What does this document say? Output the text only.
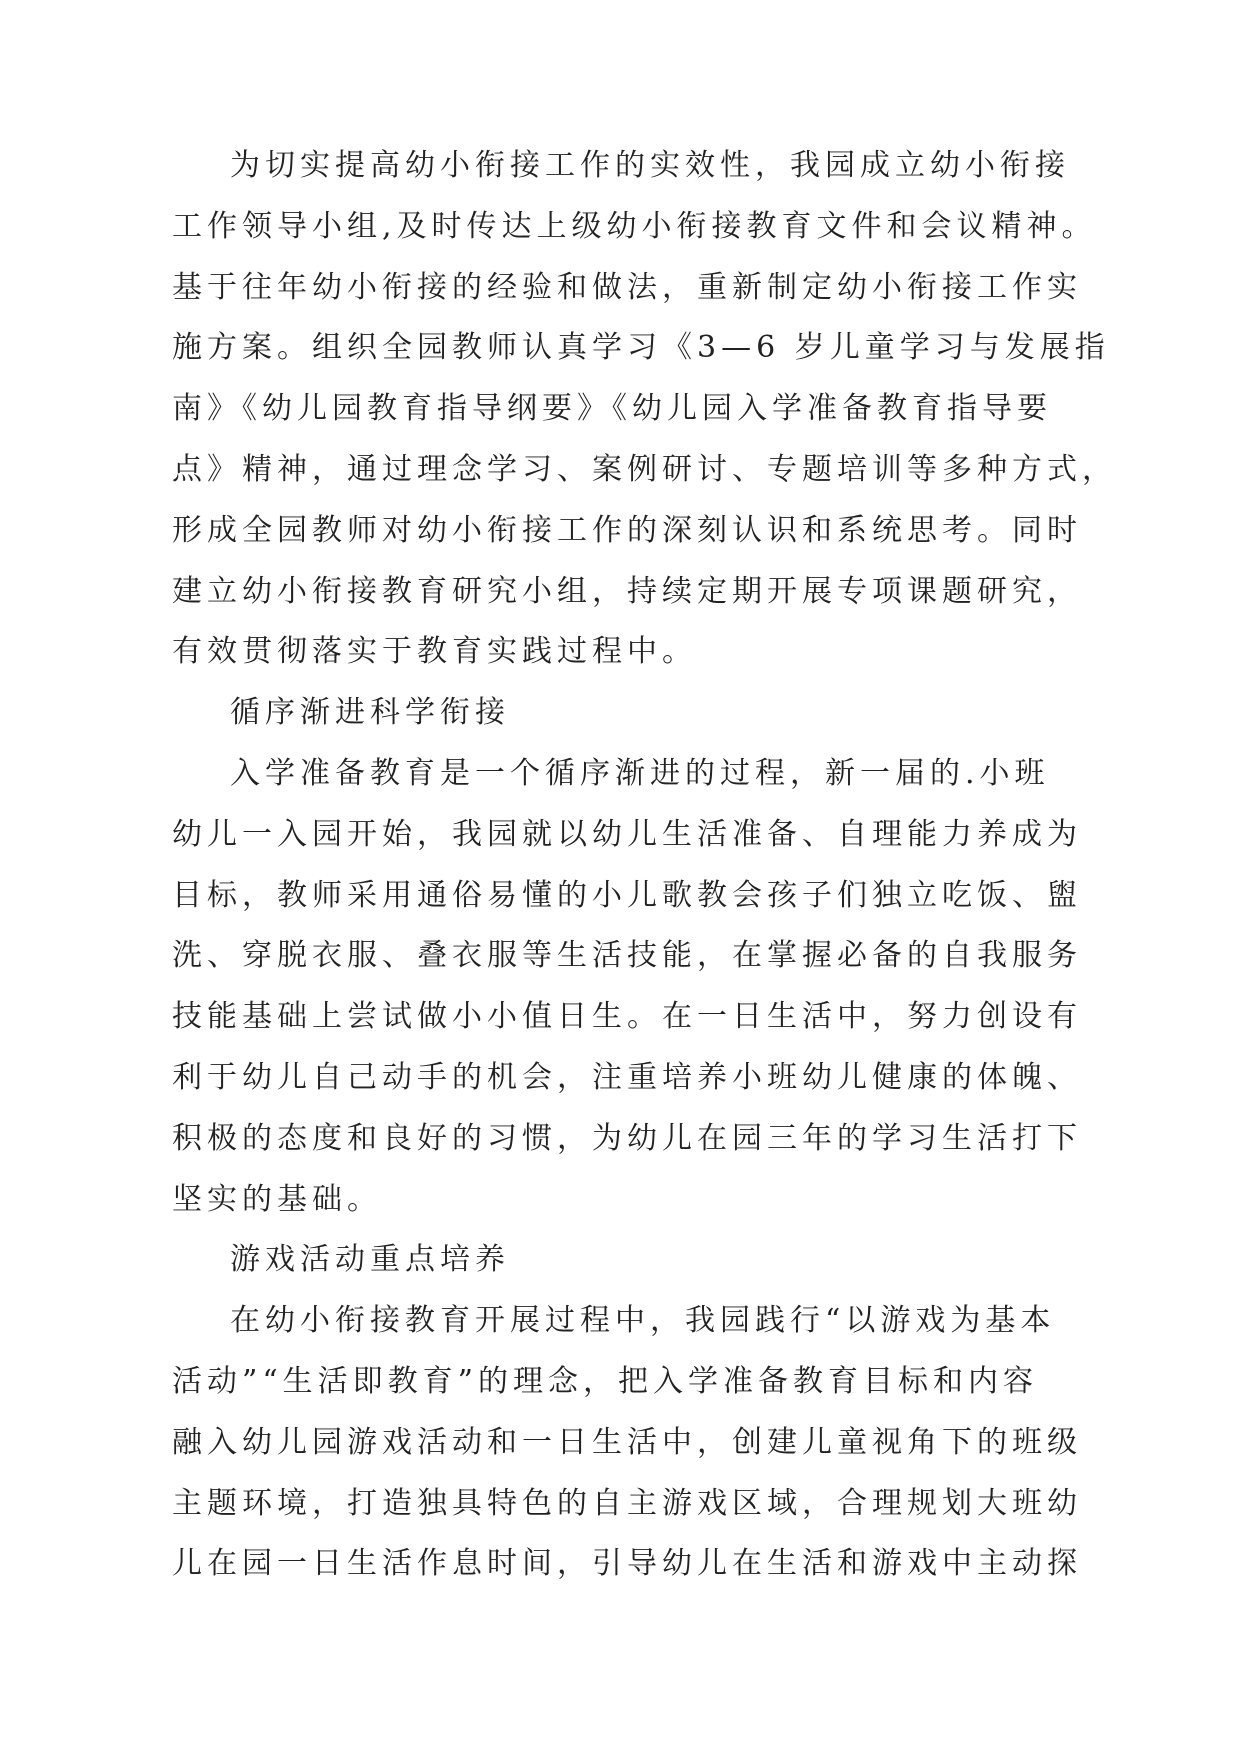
为切实提高幼小衔接工作的实效性，我园成立幼小衔接
工作领导小组,及时传达上级幼小衔接教育文件和会议精神。
基于往年幼小衔接的经验和做法，重新制定幼小衔接工作实
施方案。组织全园教师认真学习《3—6 岁儿童学习与发展指
南》《幼儿园教育指导纲要》《幼儿园入学准备教育指导要
点》精神，通过理念学习、案例研讨、专题培训等多种方式，
形成全园教师对幼小衔接工作的深刻认识和系统思考。同时
建立幼小衔接教育研究小组，持续定期开展专项课题研究，
有效贯彻落实于教育实践过程中。
循序渐进科学衔接
入学准备教育是一个循序渐进的过程，新一届的.小班
幼儿一入园开始，我园就以幼儿生活准备、自理能力养成为
目标，教师采用通俗易懂的小儿歌教会孩子们独立吃饭、盥
洗、穿脱衣服、叠衣服等生活技能，在掌握必备的自我服务
技能基础上尝试做小小值日生。在一日生活中，努力创设有
利于幼儿自己动手的机会，注重培养小班幼儿健康的体魄、
积极的态度和良好的习惯，为幼儿在园三年的学习生活打下
坚实的基础。
游戏活动重点培养
在幼小衔接教育开展过程中，我园践行“以游戏为基本
活动”“生活即教育”的理念，把入学准备教育目标和内容
融入幼儿园游戏活动和一日生活中，创建儿童视角下的班级
主题环境，打造独具特色的自主游戏区域，合理规划大班幼
儿在园一日生活作息时间，引导幼儿在生活和游戏中主动探
